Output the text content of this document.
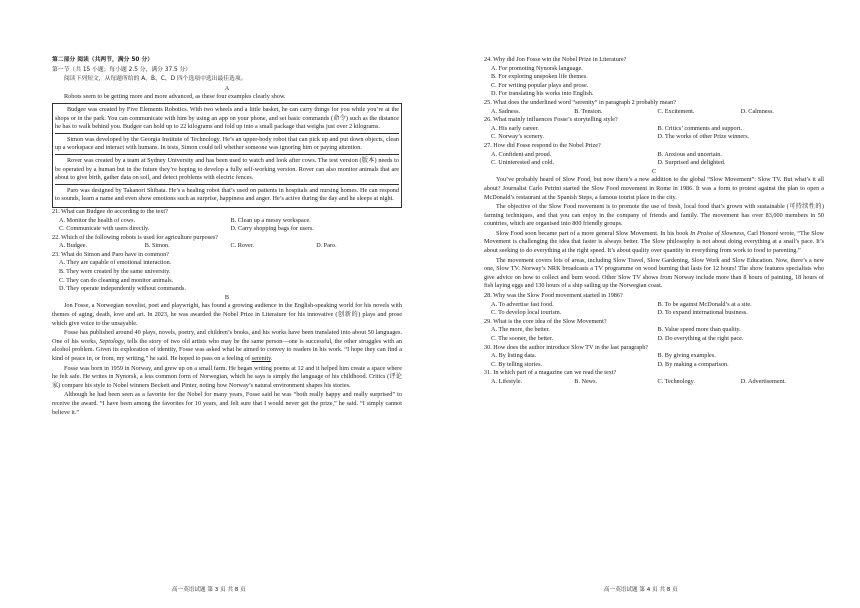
第二部分 阅读（共两节，满分 50 分）
第一节（共 15 小题；每小题 2.5 分，满分 37.5 分）
阅读下列短文，从每题所给的 A、B、C、D 四个选项中选出最佳选项。
A
Robots seem to be getting more and more advanced, as these four examples clearly show.
Budgee was created by Five Elements Robotics. With two wheels and a little basket, he can carry things for you while you’re at the shops or in the park. You can communicate with him by using an app on your phone, and set basic commands (命令) such as the distance he has to walk behind you. Budgee can hold up to 22 kilograms and fold up into a small package that weighs just over 2 kilograms.
Simon was developed by the Georgia Institute of Technology. He’s an upper-body robot that can pick up and put down objects, clean up a workspace and interact with humans. In tests, Simon could tell whether someone was ignoring him or paying attention.
Rover was created by a team at Sydney University and has been used to watch and look after cows. The test version (版本) needs to be operated by a human but in the future they’re hoping to develop a fully self-working version. Rover can also monitor animals that are about to give birth, gather data on soil, and detect problems with electric fences.
Paro was designed by Takanori Shibata. He’s a healing robot that’s used on patients in hospitals and nursing homes. He can respond to sounds, learn a name and even show emotions such as surprise, happiness and anger. He’s active during the day and he sleeps at night.
21. What can Budgee do according to the text?
A. Monitor the health of cows.	B. Clean up a messy workspace.
C. Communicate with users directly.	D. Carry shopping bags for users.
22. Which of the following robots is used for agriculture purposes?
A. Budgee.	B. Simon.	C. Rover.	D. Paro.
23. What do Simon and Paro have in common?
A. They are capable of emotional interaction.
B. They were created by the same university.
C. They can do cleaning and monitor animals.
D. They operate independently without commands.
B
Jon Fosse, a Norwegian novelist, poet and playwright, has found a growing audience in the English-speaking world for his novels with themes of aging, death, love and art. In 2023, he was awarded the Nobel Prize in Literature for his innovative (创新的) plays and prose which give voice to the unsayable.
Fosse has published around 40 plays, novels, poetry, and children’s books, and his works have been translated into about 50 languages. One of his works, Septology, tells the story of two old artists who may be the same person—one is successful, the other struggles with an alcohol problem. Given its exploration of identity, Fosse was asked what he aimed to convey to readers in his work. “I hope they can find a kind of peace in, or from, my writing,” he said. He hoped to pass on a feeling of serenity.
Fosse was born in 1959 in Norway, and grew up on a small farm. He began writing poems at 12 and it helped him create a space where he felt safe. He writes in Nynorsk, a less common form of Norwegian, which he says is simply the language of his childhood. Critics (评论家) compare his style to Nobel winners Beckett and Pinter, noting how Norway’s natural environment shapes his stories.
Although he had been seen as a favorite for the Nobel for many years, Fosse said he was “both really happy and really surprised” to receive the award. “I have been among the favorites for 10 years, and felt sure that I would never get the prize,” he said. “I simply cannot believe it.”
高一英语试题 第 3 页 共 8 页
24. Why did Jon Fosse win the Nobel Prize in Literature?
A. For promoting Nynorsk language.
B. For exploring unspoken life themes.
C. For writing popular plays and prose.
D. For translating his works into English.
25. What does the underlined word “serenity” in paragraph 2 probably mean?
A. Sadness.	B. Tension.	C. Excitement.	D. Calmness.
26. What mainly influences Fosse’s storytelling style?
A. His early career.	B. Critics’ comments and support.
C. Norway’s scenery.	D. The works of other Prize winners.
27. How did Fosse respond to the Nobel Prize?
A. Confident and proud.	B. Anxious and uncertain.
C. Uninterested and cold.	D. Surprised and delighted.
C
You’ve probably heard of Slow Food, but now there’s a new addition to the global “Slow Movement”: Slow TV. But what’s it all about? Journalist Carlo Petrini started the Slow Food movement in Rome in 1986. It was a form to protest against the plan to open a McDonald’s restaurant at the Spanish Steps, a famous tourist place in the city.
The objective of the Slow Food movement is to promote the use of fresh, local food that’s grown with sustainable (可持续性的) farming techniques, and that you can enjoy in the company of friends and family. The movement has over 83,000 members in 50 countries, which are organised into 800 friendly groups.
Slow Food soon became part of a more general Slow Movement. In his book In Praise of Slowness, Carl Honoré wrote, “The Slow Movement is challenging the idea that faster is always better. The Slow philosophy is not about doing everything at a snail’s pace. It’s about seeking to do everything at the right speed. It’s about quality over quantity in everything from work to food to parenting.”
The movement covers lots of areas, including Slow Travel, Slow Gardening, Slow Work and Slow Education. Now, there’s a new one, Slow TV. Norway’s NRK broadcasts a TV programme on wood burning that lasts for 12 hours! The show features specialists who give advice on how to collect and burn wood. Other Slow TV shows from Norway include more than 8 hours of painting, 18 hours of fish laying eggs and 130 hours of a ship sailing up the Norwegian coast.
28. Why was the Slow Food movement started in 1986?
A. To advertise fast food.	B. To be against McDonald’s at a site.
C. To develop local tourism.	D. To expand international business.
29. What is the core idea of the Slow Movement?
A. The more, the better.	B. Value speed more than quality.
C. The sooner, the better.	D. Do everything at the right pace.
30. How does the author introduce Slow TV in the last paragraph?
A. By listing data.	B. By giving examples.
C. By telling stories.	D. By making a comparison.
31. In which part of a magazine can we read the text?
A. Lifestyle.	B. News.	C. Technology.	D. Advertisement.
高一英语试题 第 4 页 共 8 页
